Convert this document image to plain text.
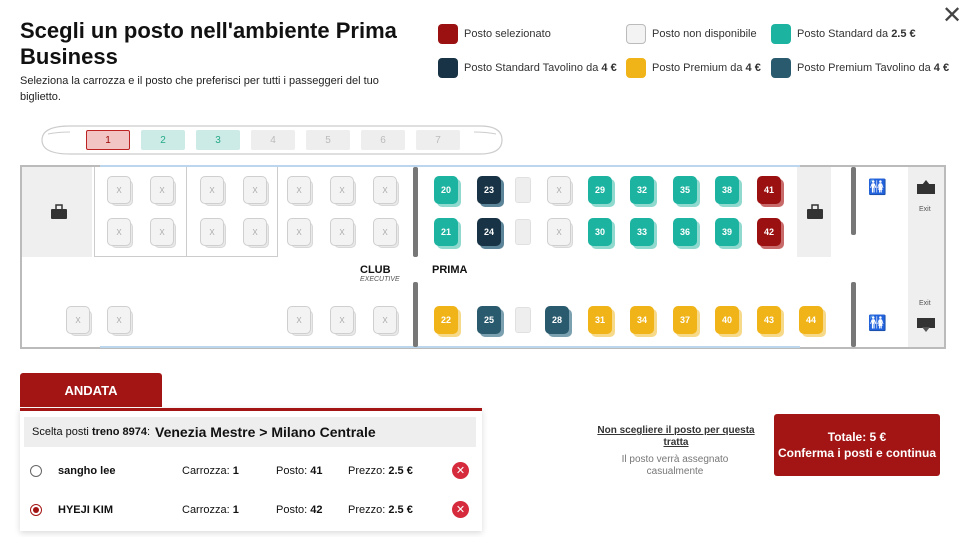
Scegli un posto nell'ambiente Prima Business
Seleziona la carrozza e il posto che preferisci per tutti i passeggeri del tuo biglietto.
✕
Posto selezionato	Posto non disponibile	Posto Standard da 2.5 €
Posto Standard Tavolino da 4 €	Posto Premium da 4 €	Posto Premium Tavolino da 4 €
1	2	3	4	5	6	7
🚻
🚻
Exit
Exit
CLUB
EXECUTIVE
PRIMA
X
X
X
X
X
X
X
X
X
X
X
X
X
X
X
X
X	X	X	X	X
20	23	29	32	35	38	41
21	24	30	33	36	39	42
22	25	28	31	34	37	40	43	44
ANDATA
Scelta posti
treno 8974 : Venezia Mestre > Milano Centrale
sangho lee	Carrozza: 1	Posto: 41 Prezzo: 2.5 €	✕
HYEJI KIM	Carrozza: 1	Posto: 42 Prezzo: 2.5 €	✕
Non scegliere il posto per questa tratta
Il posto verrà assegnato casualmente
Totale: 5 €
Conferma i posti e continua
